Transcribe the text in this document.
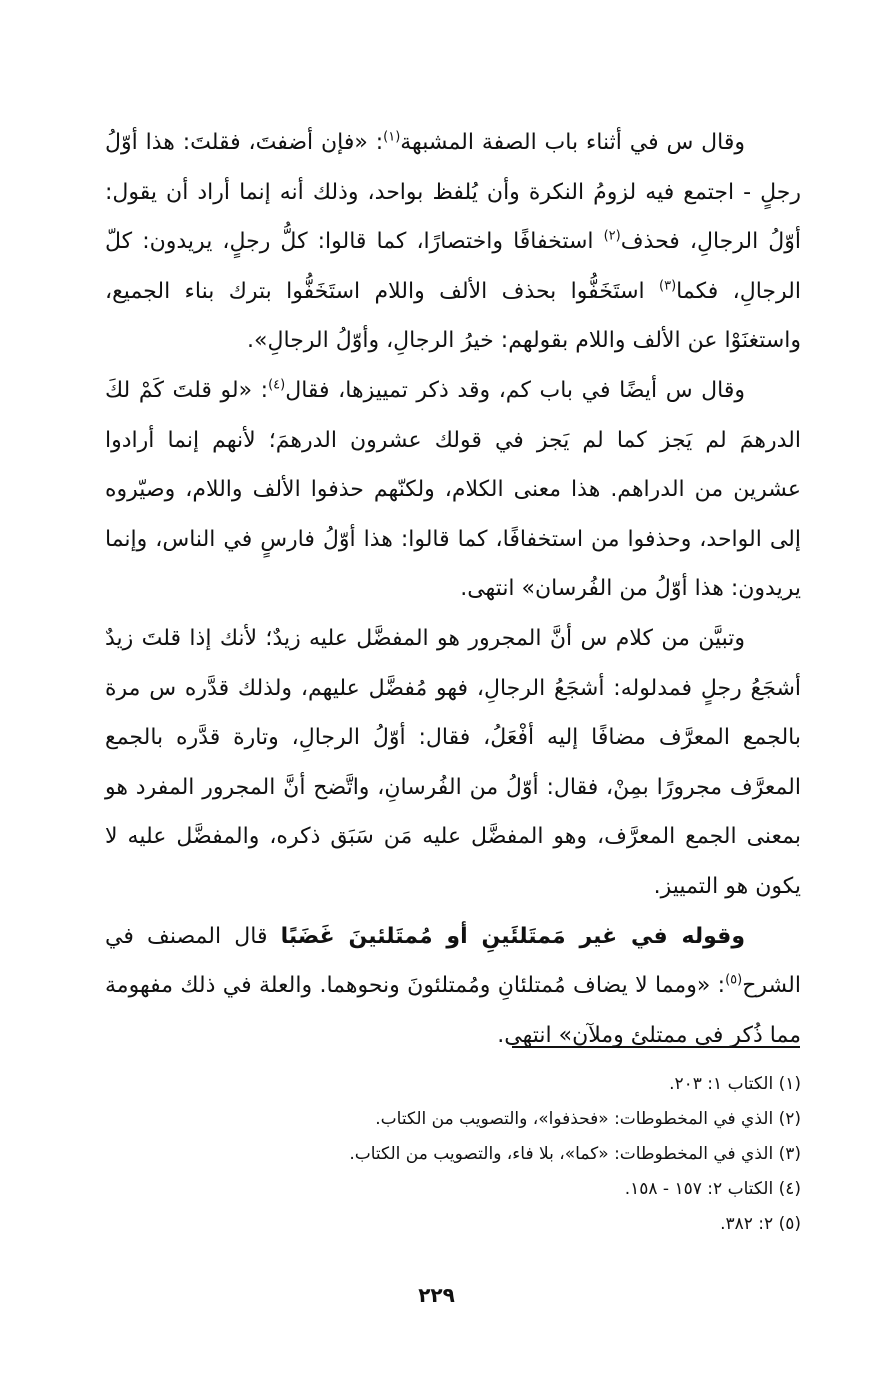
وقال س في أثناء باب الصفة المشبهة$^{(١)}$: «فإن أضفتَ، فقلتَ: هذا أوّلُ رجلٍ - اجتمع فيه لزومُ النكرة وأن يُلفظ بواحد، وذلك أنه إنما أراد أن يقول: أوّلُ الرجالِ، فحذف$^{(٢)}$ استخفافًا واختصارًا، كما قالوا: كلُّ رجلٍ، يريدون: كلّ الرجالِ، فكما$^{(٣)}$ استَخَفُّوا بحذف الألف واللام استَخَفُّوا بترك بناء الجميع، واستغنَوْا عن الألف واللام بقولهم: خيرُ الرجالِ، وأوّلُ الرجالِ».

وقال س أيضًا في باب كم، وقد ذكر تمييزها، فقال$^{(٤)}$: «لو قلتَ كَمْ لكَ الدرهمَ لم يَجز كما لم يَجز في قولك عشرون الدرهمَ؛ لأنهم إنما أرادوا عشرين من الدراهم. هذا معنى الكلام، ولكنّهم حذفوا الألف واللام، وصيّروه إلى الواحد، وحذفوا من استخفافًا، كما قالوا: هذا أوّلُ فارسٍ في الناس، وإنما يريدون: هذا أوّلُ من الفُرسان» انتهى.

وتبيَّن من كلام س أنَّ المجرور هو المفضَّل عليه زيدٌ؛ لأنك إذا قلتَ زيدٌ أشجَعُ رجلٍ فمدلوله: أشجَعُ الرجالِ، فهو مُفضَّل عليهم، ولذلك قدَّره س مرة بالجمع المعرَّف مضافًا إليه أفْعَلُ، فقال: أوّلُ الرجالِ، وتارة قدَّره بالجمع المعرَّف مجرورًا بمِنْ، فقال: أوّلُ من الفُرسانِ، واتَّضح أنَّ المجرور المفرد هو بمعنى الجمع المعرَّف، وهو المفضَّل عليه مَن سَبَق ذكره، والمفضَّل عليه لا يكون هو التمييز.

وقوله في غير مَمتَلئَينِ أو مُمتَلئينَ غَضَبًا قال المصنف في الشرح$^{(٥)}$: «ومما لا يضاف مُمتلئانِ ومُمتلئونَ ونحوهما. والعلة في ذلك مفهومة مما ذُكر في ممتلئ وملآن» انتهى.

(١) الكتاب ١: ٢٠٣.
(٢) الذي في المخطوطات: «فحذفوا»، والتصويب من الكتاب.
(٣) الذي في المخطوطات: «كما»، بلا فاء، والتصويب من الكتاب.
(٤) الكتاب ٢: ١٥٧ - ١٥٨.
(٥) ٢: ٣٨٢.
٢٢٩
